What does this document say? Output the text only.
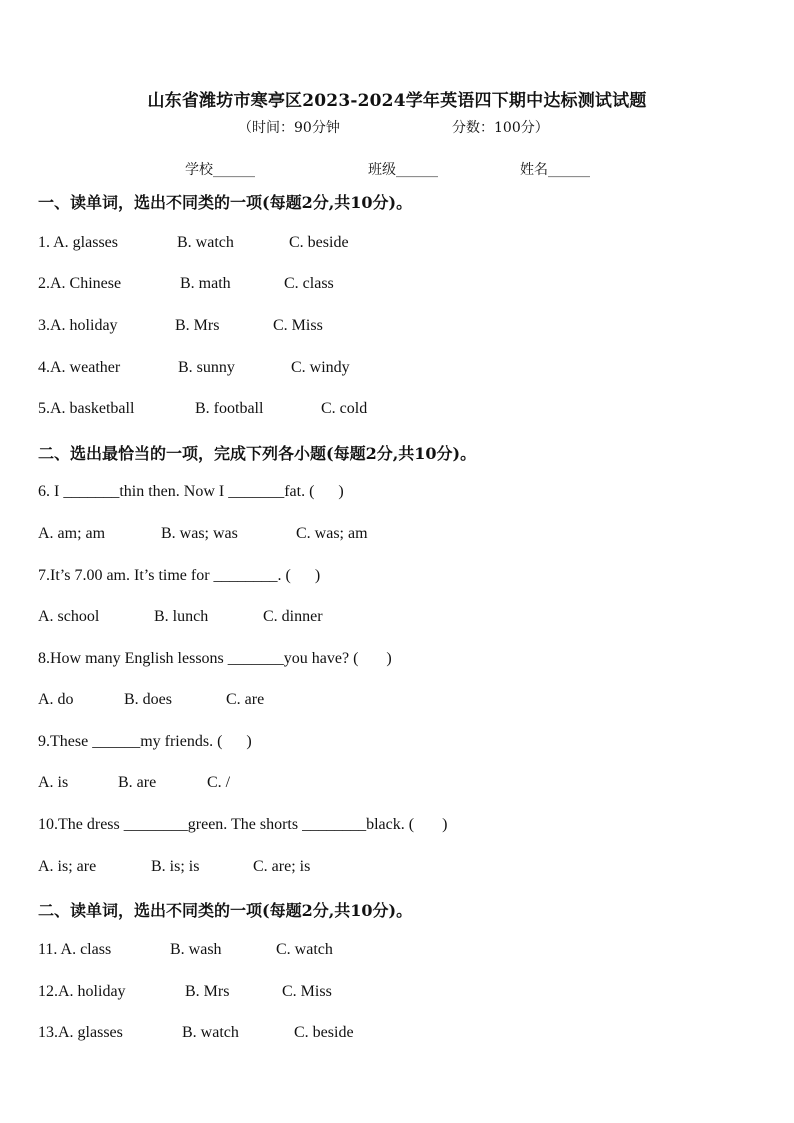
山东省潍坊市寒亭区2023-2024学年英语四下期中达标测试试题
（时间：90分钟	分数：100分）
学校______	班级______	姓名______
一、读单词，选出不同类的一项(每题2分,共10分)。
1. A. glasses	B. watch	C. beside
2.A. Chinese	B. math	C. class
3.A. holiday	B. Mrs	C. Miss
4.A. weather	B. sunny	C. windy
5.A. basketball	B. football	C. cold
二、选出最恰当的一项，完成下列各小题(每题2分,共10分)。
6. I _______thin then. Now I _______fat. (      )
A. am; am	B. was; was	C. was; am
7.It’s 7.00 am. It’s time for ________. (      )
A. school	B. lunch	C. dinner
8.How many English lessons _______you have? (       )
A. do	B. does	C. are
9.These ______my friends. (      )
A. is	B. are	C. /
10.The dress ________green. The shorts ________black. (       )
A. is; are	B. is; is	C. are; is
二、读单词，选出不同类的一项(每题2分,共10分)。
11. A. class	B. wash	C. watch
12.A. holiday	B. Mrs	C. Miss
13.A. glasses	B. watch	C. beside
